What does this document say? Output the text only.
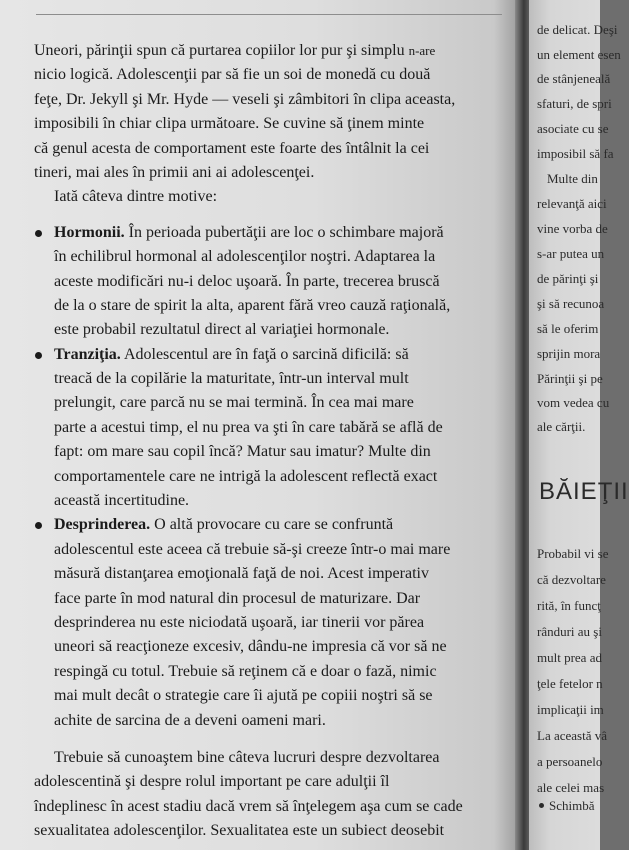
Uneori, părinţii spun că purtarea copiilor lor pur şi simplu n-are
nicio logică. Adolescenţii par să fie un soi de monedă cu două
feţe, Dr. Jekyll şi Mr. Hyde — veseli şi zâmbitori în clipa aceasta,
imposibili în chiar clipa următoare. Se cuvine să ţinem minte
că genul acesta de comportament este foarte des întâlnit la cei
tineri, mai ales în primii ani ai adolescenţei.
Iată câteva dintre motive:
Hormonii. În perioada pubertăţii are loc o schimbare majoră
în echilibrul hormonal al adolescenţilor noştri. Adaptarea la
aceste modificări nu-i deloc uşoară. În parte, trecerea bruscă
de la o stare de spirit la alta, aparent fără vreo cauză raţională,
este probabil rezultatul direct al variaţiei hormonale.
Tranziţia. Adolescentul are în faţă o sarcină dificilă: să
treacă de la copilărie la maturitate, într-un interval mult
prelungit, care parcă nu se mai termină. În cea mai mare
parte a acestui timp, el nu prea va şti în care tabără se află de
fapt: om mare sau copil încă? Matur sau imatur? Multe din
comportamentele care ne intrigă la adolescent reflectă exact
această incertitudine.
Desprinderea. O altă provocare cu care se confruntă
adolescentul este aceea că trebuie să-şi creeze într-o mai mare
măsură distanţarea emoţională faţă de noi. Acest imperativ
face parte în mod natural din procesul de maturizare. Dar
desprinderea nu este niciodată uşoară, iar tinerii vor părea
uneori să reacţioneze excesiv, dându-ne impresia că vor să ne
respingă cu totul. Trebuie să reţinem că e doar o fază, nimic
mai mult decât o strategie care îi ajută pe copiii noştri să se
achite de sarcina de a deveni oameni mari.
Trebuie să cunoaştem bine câteva lucruri despre dezvoltarea
adolescentină şi despre rolul important pe care adulţii îl
îndeplinesc în acest stadiu dacă vrem să înţelegem aşa cum se cade
sexualitatea adolescenţilor. Sexualitatea este un subiect deosebit
de delicat. Deşi
un element esen
de stânjeneală
sfaturi, de spri
asociate cu se
imposibil să fa
Multe din
relevanţă aici
vine vorba de
s-ar putea un
de părinţi şi
şi să recunoa
să le oferim
sprijin mora
Părinţii şi pe
vom vedea cu
ale cărţii.
BĂIEŢII
Probabil vi se
că dezvoltare
rită, în funcţ
rânduri au şi
mult prea ad
ţele fetelor n
implicaţii im
La această vâ
a persoanelo
ale celei mas
Schimbă
